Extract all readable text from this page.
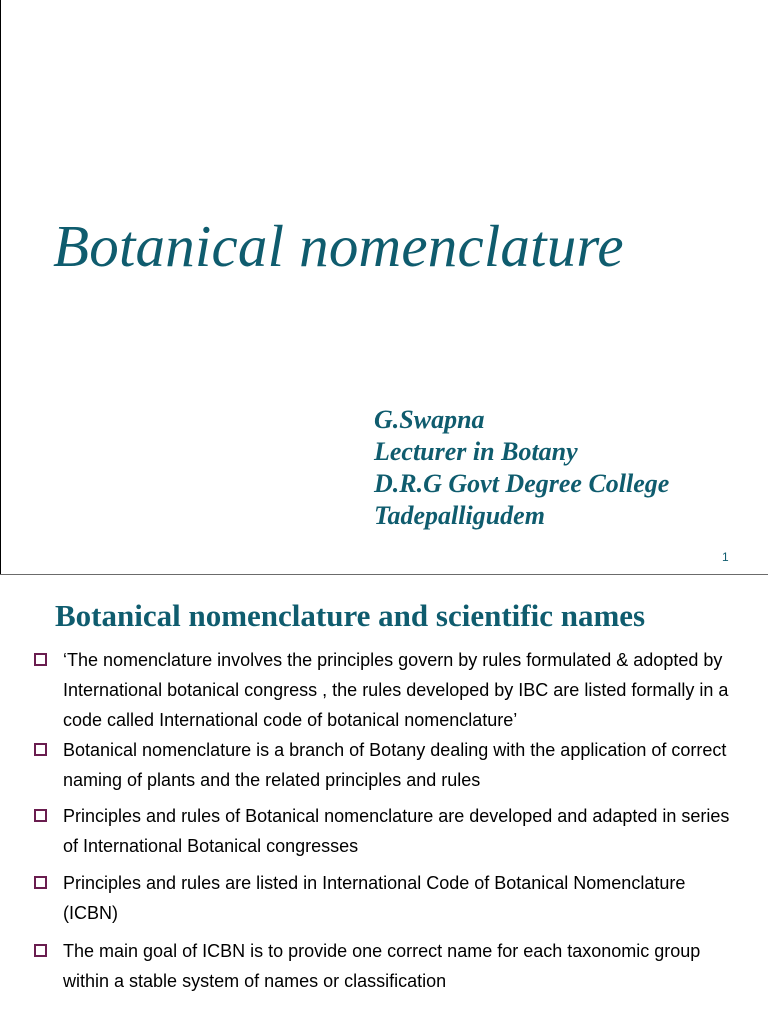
Botanical nomenclature
G.Swapna
Lecturer in Botany
D.R.G Govt Degree College
Tadepalligudem
1
Botanical nomenclature and scientific names
‘The nomenclature involves the principles govern by rules formulated & adopted by International botanical congress , the rules developed by IBC are listed formally in a code called International code of botanical nomenclature’
Botanical nomenclature is a branch of Botany dealing with the application of correct naming of plants and the related principles and rules
Principles and rules of Botanical nomenclature are developed and adapted in series of International Botanical congresses
Principles and rules are listed in International Code of Botanical Nomenclature (ICBN)
The main goal of ICBN is to provide one correct name for each taxonomic group within a stable system of names or classification
